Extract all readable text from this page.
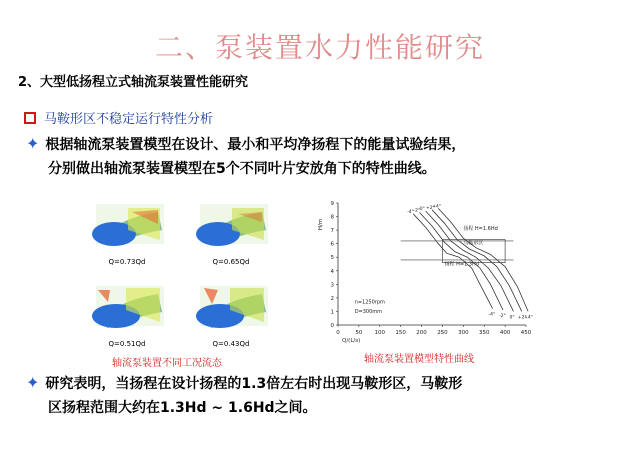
二、泵装置水力性能研究
2、大型低扬程立式轴流泵装置性能研究
马鞍形区不稳定运行特性分析
✦ 根据轴流泵装置模型在设计、最小和平均净扬程下的能量试验结果，
分别做出轴流泵装置模型在5个不同叶片安放角下的特性曲线。
Q=0.73Qd	Q=0.65Qd
Q=0.51Qd	Q=0.43Qd
轴流泵装置不同工况流态
0	50 100 150 200 250 300 350 400 450
0
1
2
3
4
5
6
7
8
9
Q/(L/s)
H/m
-4°
-4°
-2°
-2°
0°
0°
+2°
+2°
+4°
+4°
扬程 H=1.6Hd
马鞍形区
扬程 H=1.3Hd
n=1250rpm
D=300mm
轴流泵装置模型特性曲线
✦ 研究表明，当扬程在设计扬程的1.3倍左右时出现马鞍形区，马鞍形
区扬程范围大约在1.3Hd ~ 1.6Hd之间。
